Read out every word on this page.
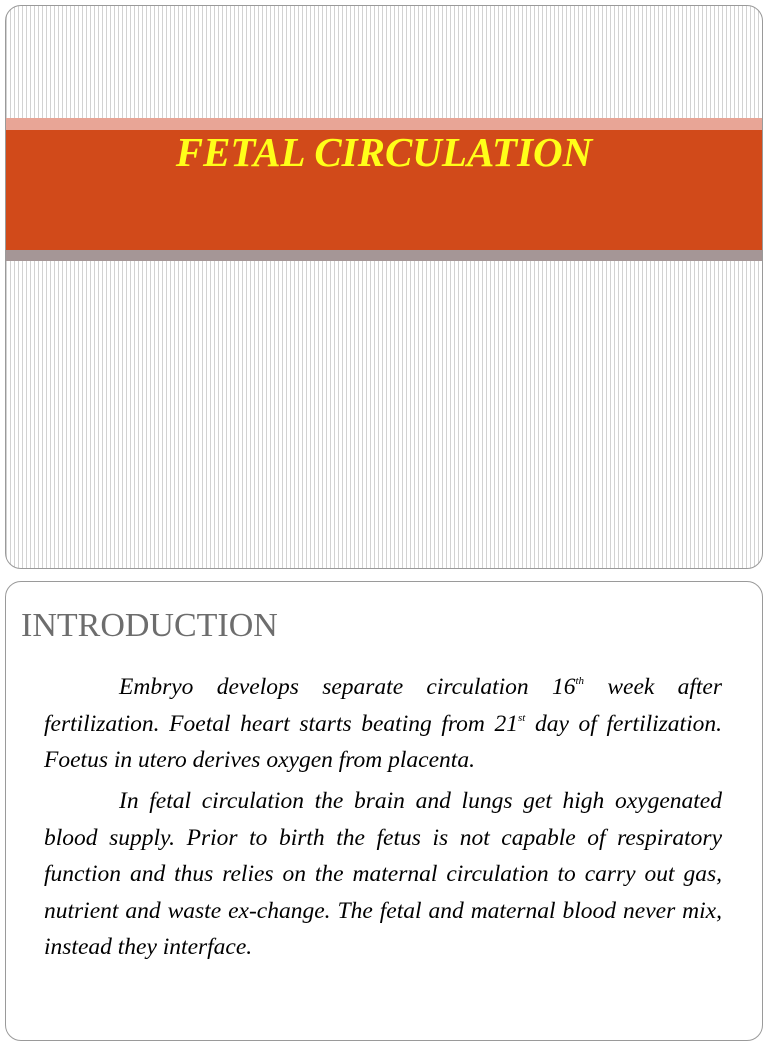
FETAL CIRCULATION
INTRODUCTION

Embryo develops separate circulation 16th week after fertilization. Foetal heart starts beating from 21st day of fertilization. Foetus in utero derives oxygen from placenta.

In fetal circulation the brain and lungs get high oxygenated blood supply. Prior to birth the fetus is not capable of respiratory function and thus relies on the maternal circulation to carry out gas, nutrient and waste ex-change. The fetal and maternal blood never mix, instead they interface.
